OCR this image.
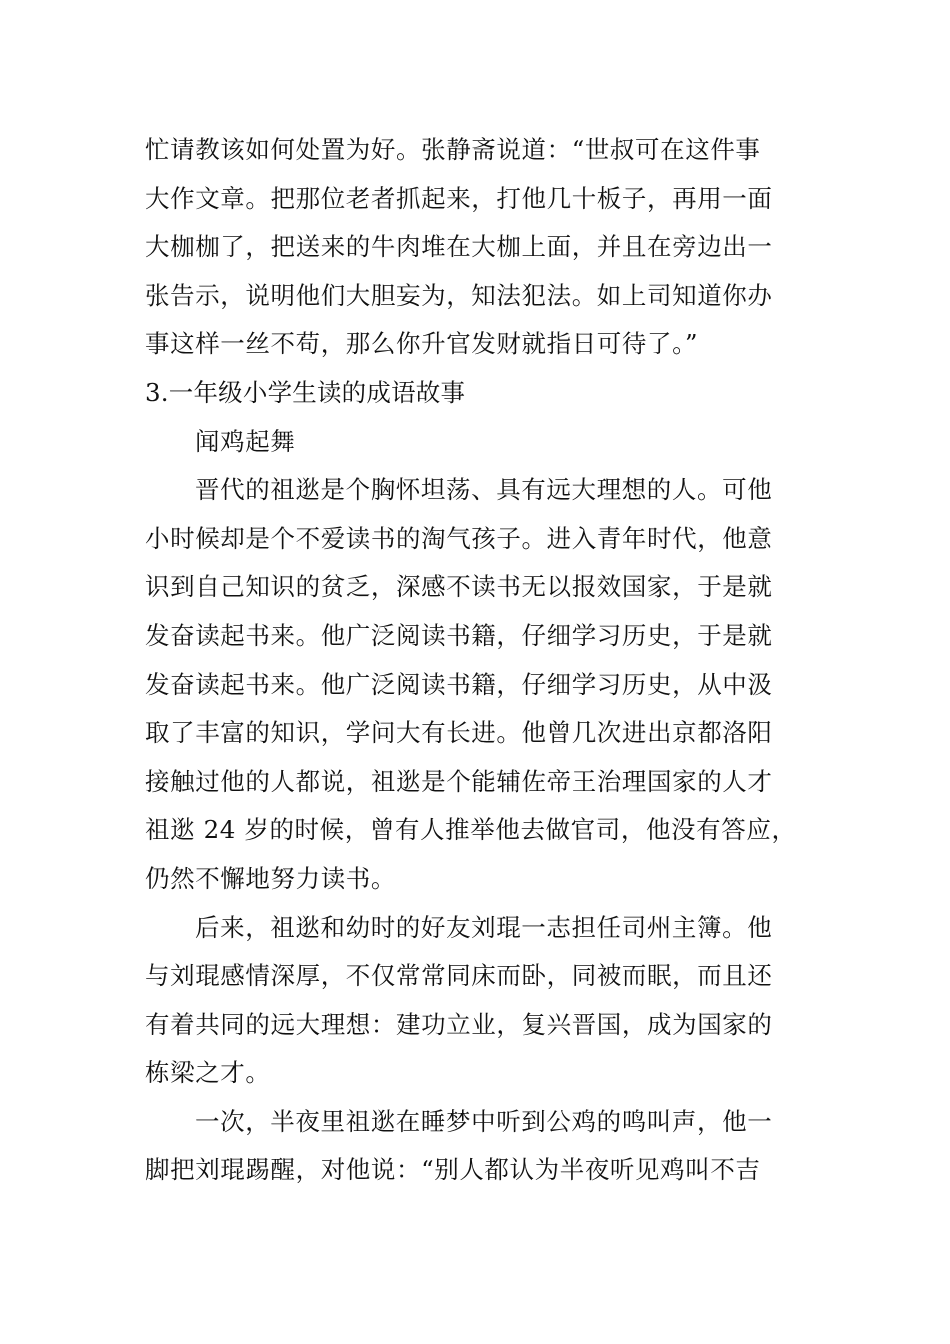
忙请教该如何处置为好。张静斋说道：“世叔可在这件事
大作文章。把那位老者抓起来，打他几十板子，再用一面
大枷枷了，把送来的牛肉堆在大枷上面，并且在旁边出一
张告示，说明他们大胆妄为，知法犯法。如上司知道你办
事这样一丝不苟，那么你升官发财就指日可待了。”
3.一年级小学生读的成语故事
闻鸡起舞
晋代的祖逖是个胸怀坦荡、具有远大理想的人。可他
小时候却是个不爱读书的淘气孩子。进入青年时代，他意
识到自己知识的贫乏，深感不读书无以报效国家，于是就
发奋读起书来。他广泛阅读书籍，仔细学习历史，于是就
发奋读起书来。他广泛阅读书籍，仔细学习历史，从中汲
取了丰富的知识，学问大有长进。他曾几次进出京都洛阳
接触过他的人都说，祖逖是个能辅佐帝王治理国家的人才
祖逖 24 岁的时候，曾有人推举他去做官司，他没有答应，
仍然不懈地努力读书。
后来，祖逖和幼时的好友刘琨一志担任司州主簿。他
与刘琨感情深厚，不仅常常同床而卧，同被而眠，而且还
有着共同的远大理想：建功立业，复兴晋国，成为国家的
栋梁之才。
一次，半夜里祖逖在睡梦中听到公鸡的鸣叫声，他一
脚把刘琨踢醒，对他说：“别人都认为半夜听见鸡叫不吉
